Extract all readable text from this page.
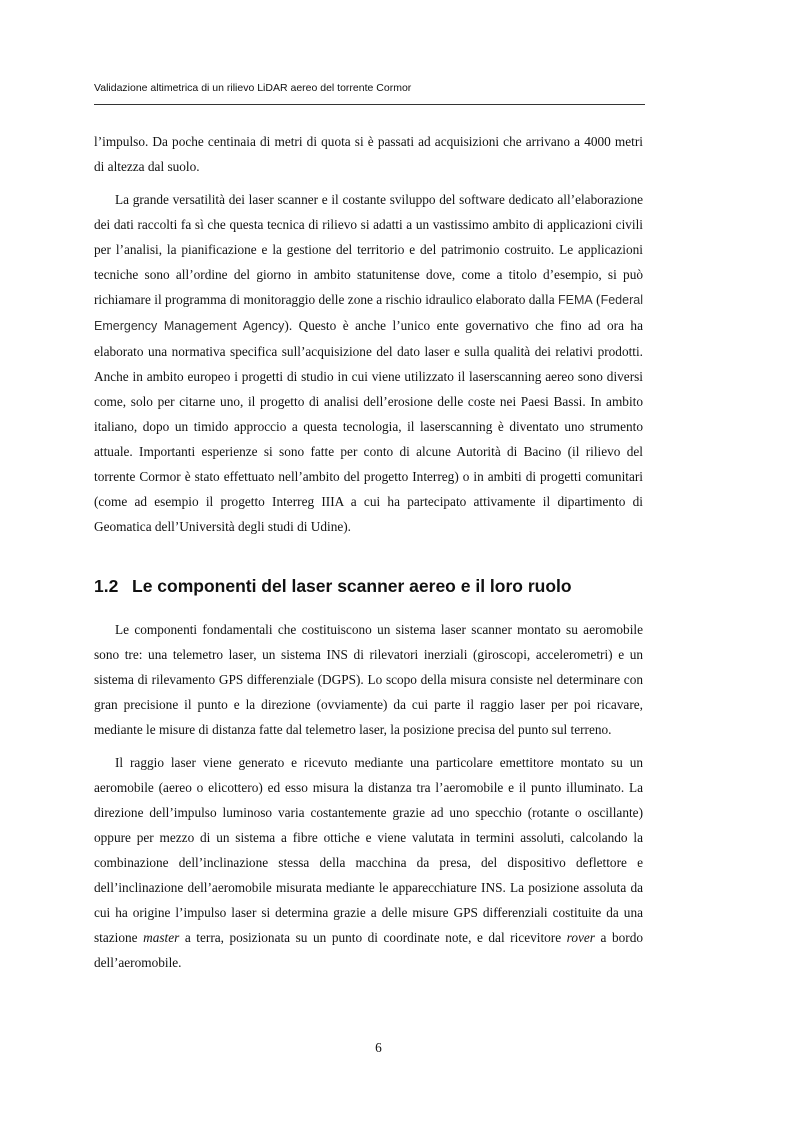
Validazione altimetrica di un rilievo LiDAR aereo del torrente Cormor

l’impulso. Da poche centinaia di metri di quota si è passati ad acquisizioni che arrivano a 4000 metri di altezza dal suolo.

La grande versatilità dei laser scanner e il costante sviluppo del software dedicato all’elaborazione dei dati raccolti fa sì che questa tecnica di rilievo si adatti a un vastissimo ambito di applicazioni civili per l’analisi, la pianificazione e la gestione del territorio e del patrimonio costruito. Le applicazioni tecniche sono all’ordine del giorno in ambito statunitense dove, come a titolo d’esempio, si può richiamare il programma di monitoraggio delle zone a rischio idraulico elaborato dalla FEMA (Federal Emergency Management Agency). Questo è anche l’unico ente governativo che fino ad ora ha elaborato una normativa specifica sull’acquisizione del dato laser e sulla qualità dei relativi prodotti. Anche in ambito europeo i progetti di studio in cui viene utilizzato il laserscanning aereo sono diversi come, solo per citarne uno, il progetto di analisi dell’erosione delle coste nei Paesi Bassi. In ambito italiano, dopo un timido approccio a questa tecnologia, il laserscanning è diventato uno strumento attuale. Importanti esperienze si sono fatte per conto di alcune Autorità di Bacino (il rilievo del torrente Cormor è stato effettuato nell’ambito del progetto Interreg) o in ambiti di progetti comunitari (come ad esempio il progetto Interreg IIIA a cui ha partecipato attivamente il dipartimento di Geomatica dell’Università degli studi di Udine).

1.2 Le componenti del laser scanner aereo e il loro ruolo

Le componenti fondamentali che costituiscono un sistema laser scanner montato su aeromobile sono tre: una telemetro laser, un sistema INS di rilevatori inerziali (giroscopi, accelerometri) e un sistema di rilevamento GPS differenziale (DGPS). Lo scopo della misura consiste nel determinare con gran precisione il punto e la direzione (ovviamente) da cui parte il raggio laser per poi ricavare, mediante le misure di distanza fatte dal telemetro laser, la posizione precisa del punto sul terreno.

Il raggio laser viene generato e ricevuto mediante una particolare emettitore montato su un aeromobile (aereo o elicottero) ed esso misura la distanza tra l’aeromobile e il punto illuminato. La direzione dell’impulso luminoso varia costantemente grazie ad uno specchio (rotante o oscillante) oppure per mezzo di un sistema a fibre ottiche e viene valutata in termini assoluti, calcolando la combinazione dell’inclinazione stessa della macchina da presa, del dispositivo deflettore e dell’inclinazione dell’aeromobile misurata mediante le apparecchiature INS. La posizione assoluta da cui ha origine l’impulso laser si determina grazie a delle misure GPS differenziali costituite da una stazione master a terra, posizionata su un punto di coordinate note, e dal ricevitore rover a bordo dell’aeromobile.

6
